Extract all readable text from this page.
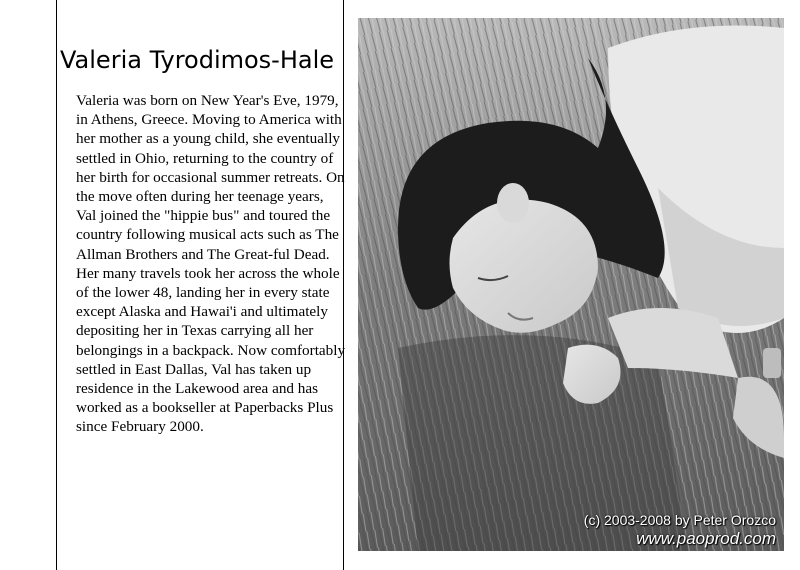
Valeria Tyrodimos-Hale

Valeria was born on New Year's Eve, 1979, in Athens, Greece. Moving to America with her mother as a young child, she eventually settled in Ohio, returning to the country of her birth for occasional summer retreats. On the move often during her teenage years, Val joined the "hippie bus" and toured the country following musical acts such as The Allman Brothers and The Great-ful Dead. Her many travels took her across the whole of the lower 48, landing her in every state except Alaska and Hawai'i and ultimately depositing her in Texas carrying all her belongings in a backpack. Now comfortably settled in East Dallas, Val has taken up residence in the Lakewood area and has worked as a bookseller at Paperbacks Plus since February 2000.

(c) 2003-2008 by Peter Orozco
www.paoprod.com
